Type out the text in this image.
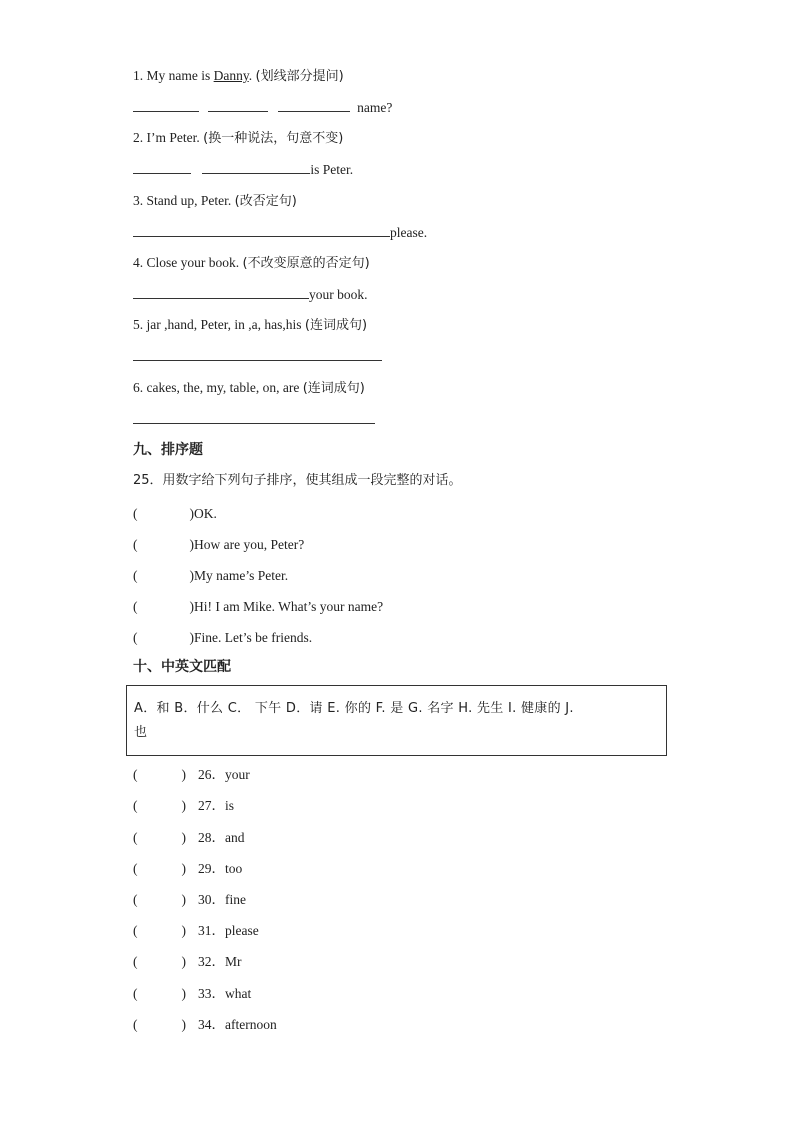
1. My name is Danny. (划线部分提问)
name?
2. I’m Peter. (换一种说法，句意不变)
is Peter.
3. Stand up, Peter. (改否定句)
please.
4. Close your book. (不改变原意的否定句)
your book.
5. jar ,hand, Peter, in ,a, has,his (连词成句)
6. cakes, the, my, table, on, are (连词成句)
九、排序题
25．用数字给下列句子排序，使其组成一段完整的对话。
(	)OK.
(	)How are you, Peter?
(	)My name’s Peter.
(	)Hi! I am Mike. What’s your name?
(	)Fine. Let’s be friends.
十、中英文匹配
A．和 B．什么 C． 下午 D．请 E. 你的 F. 是 G. 名字 H. 先生 I. 健康的 J.
也
(	) 26．your
(	) 27．is
(	) 28．and
(	) 29．too
(	) 30．fine
(	) 31．please
(	) 32．Mr
(	) 33．what
(	) 34．afternoon
